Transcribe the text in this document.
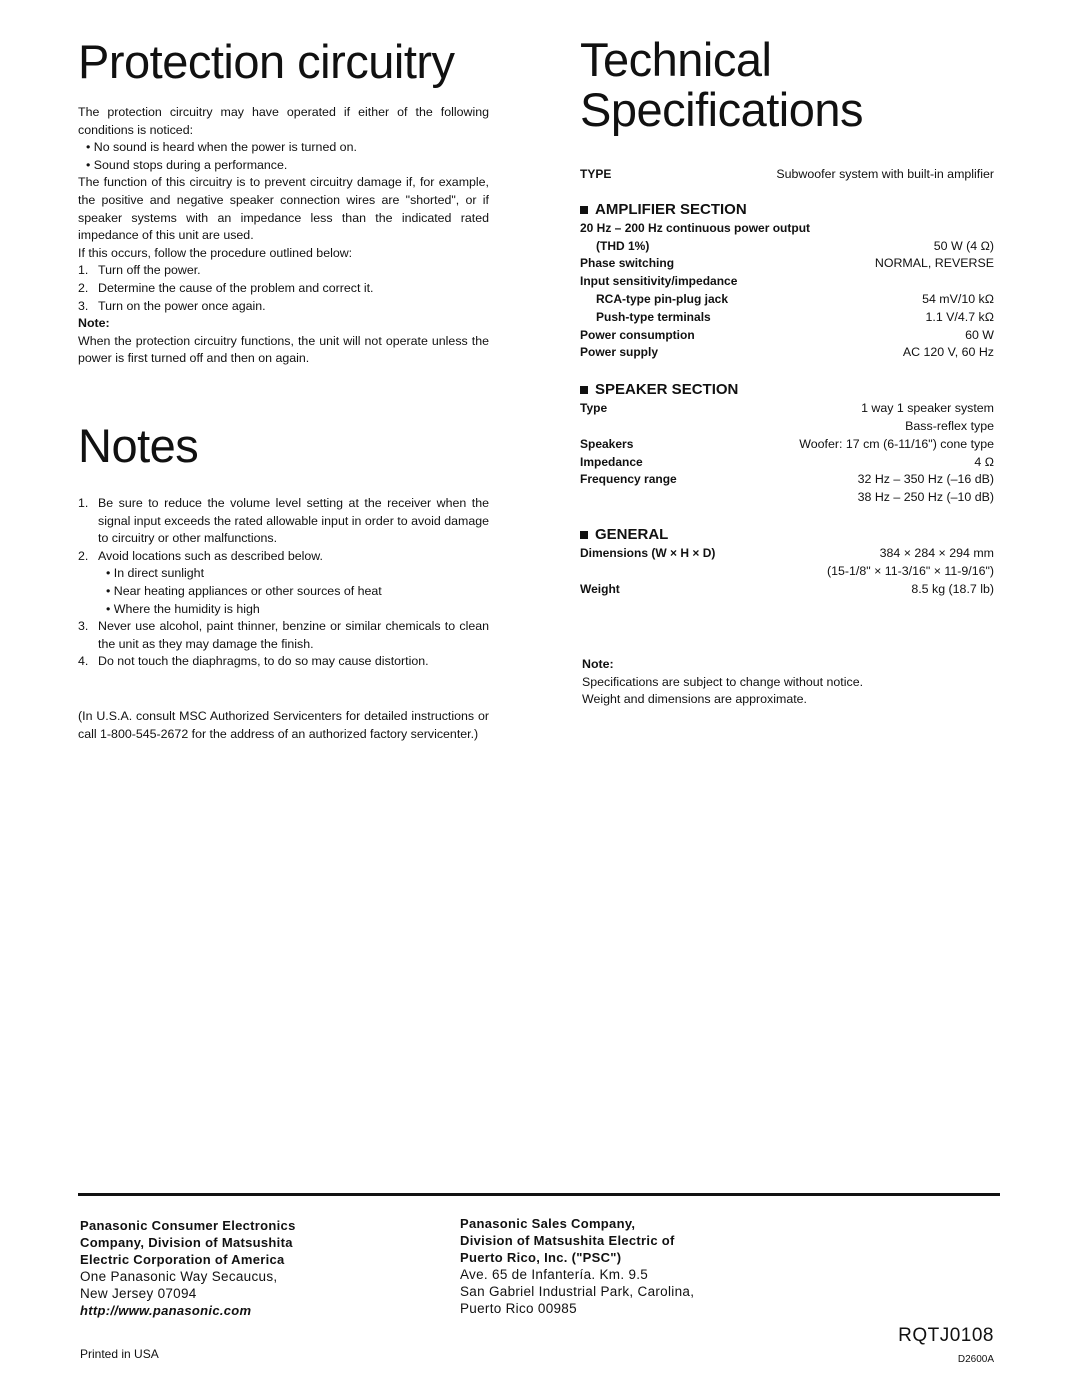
Protection circuitry

The protection circuitry may have operated if either of the following conditions is noticed:

• No sound is heard when the power is turned on.

• Sound stops during a performance.

The function of this circuitry is to prevent circuitry damage if, for example, the positive and negative speaker connection wires are "shorted", or if speaker systems with an impedance less than the indicated rated impedance of this unit are used.

If this occurs, follow the procedure outlined below:

1. Turn off the power.
2. Determine the cause of the problem and correct it.
3. Turn on the power once again.

Note:

When the protection circuitry functions, the unit will not operate unless the power is first turned off and then on again.

Notes
1. Be sure to reduce the volume level setting at the receiver when the signal input exceeds the rated allowable input in order to avoid damage to circuitry or other malfunctions.
2. Avoid locations such as described below.

• In direct sunlight

• Near heating appliances or other sources of heat

• Where the humidity is high

3. Never use alcohol, paint thinner, benzine or similar chemicals to clean the unit as they may damage the finish.
4. Do not touch the diaphragms, to do so may cause distortion.

(In U.S.A. consult MSC Authorized Servicenters for detailed instructions or call 1-800-545-2672 for the address of an authorized factory servicenter.)

Technical
Specifications
TYPE	Subwoofer system with built-in amplifier
AMPLIFIER SECTION
20 Hz – 200 Hz continuous power output
(THD 1%)	50 W (4 Ω)
Phase switching	NORMAL, REVERSE
Input sensitivity/impedance
RCA-type pin-plug jack	54 mV/10 kΩ
Push-type terminals	1.1 V/4.7 kΩ
Power consumption	60 W
Power supply	AC 120 V, 60 Hz
SPEAKER SECTION
Type	1 way 1 speaker system
Bass-reflex type
Speakers	Woofer: 17 cm (6-11/16") cone type
Impedance	4 Ω
Frequency range	32 Hz – 350 Hz (–16 dB)
38 Hz – 250 Hz (–10 dB)
GENERAL
Dimensions (W × H × D)	384 × 284 × 294 mm
(15-1/8" × 11-3/16" × 11-9/16")
Weight	8.5 kg (18.7 lb)

Note:

Specifications are subject to change without notice.

Weight and dimensions are approximate.

Panasonic Consumer Electronics
Company, Division of Matsushita
Electric Corporation of America
One Panasonic Way Secaucus,
New Jersey 07094
http://www.panasonic.com
Panasonic Sales Company,
Division of Matsushita Electric of
Puerto Rico, Inc. ("PSC")
Ave. 65 de Infantería. Km. 9.5
San Gabriel Industrial Park, Carolina,
Puerto Rico 00985
Printed in USA
RQTJ0108
D2600A
